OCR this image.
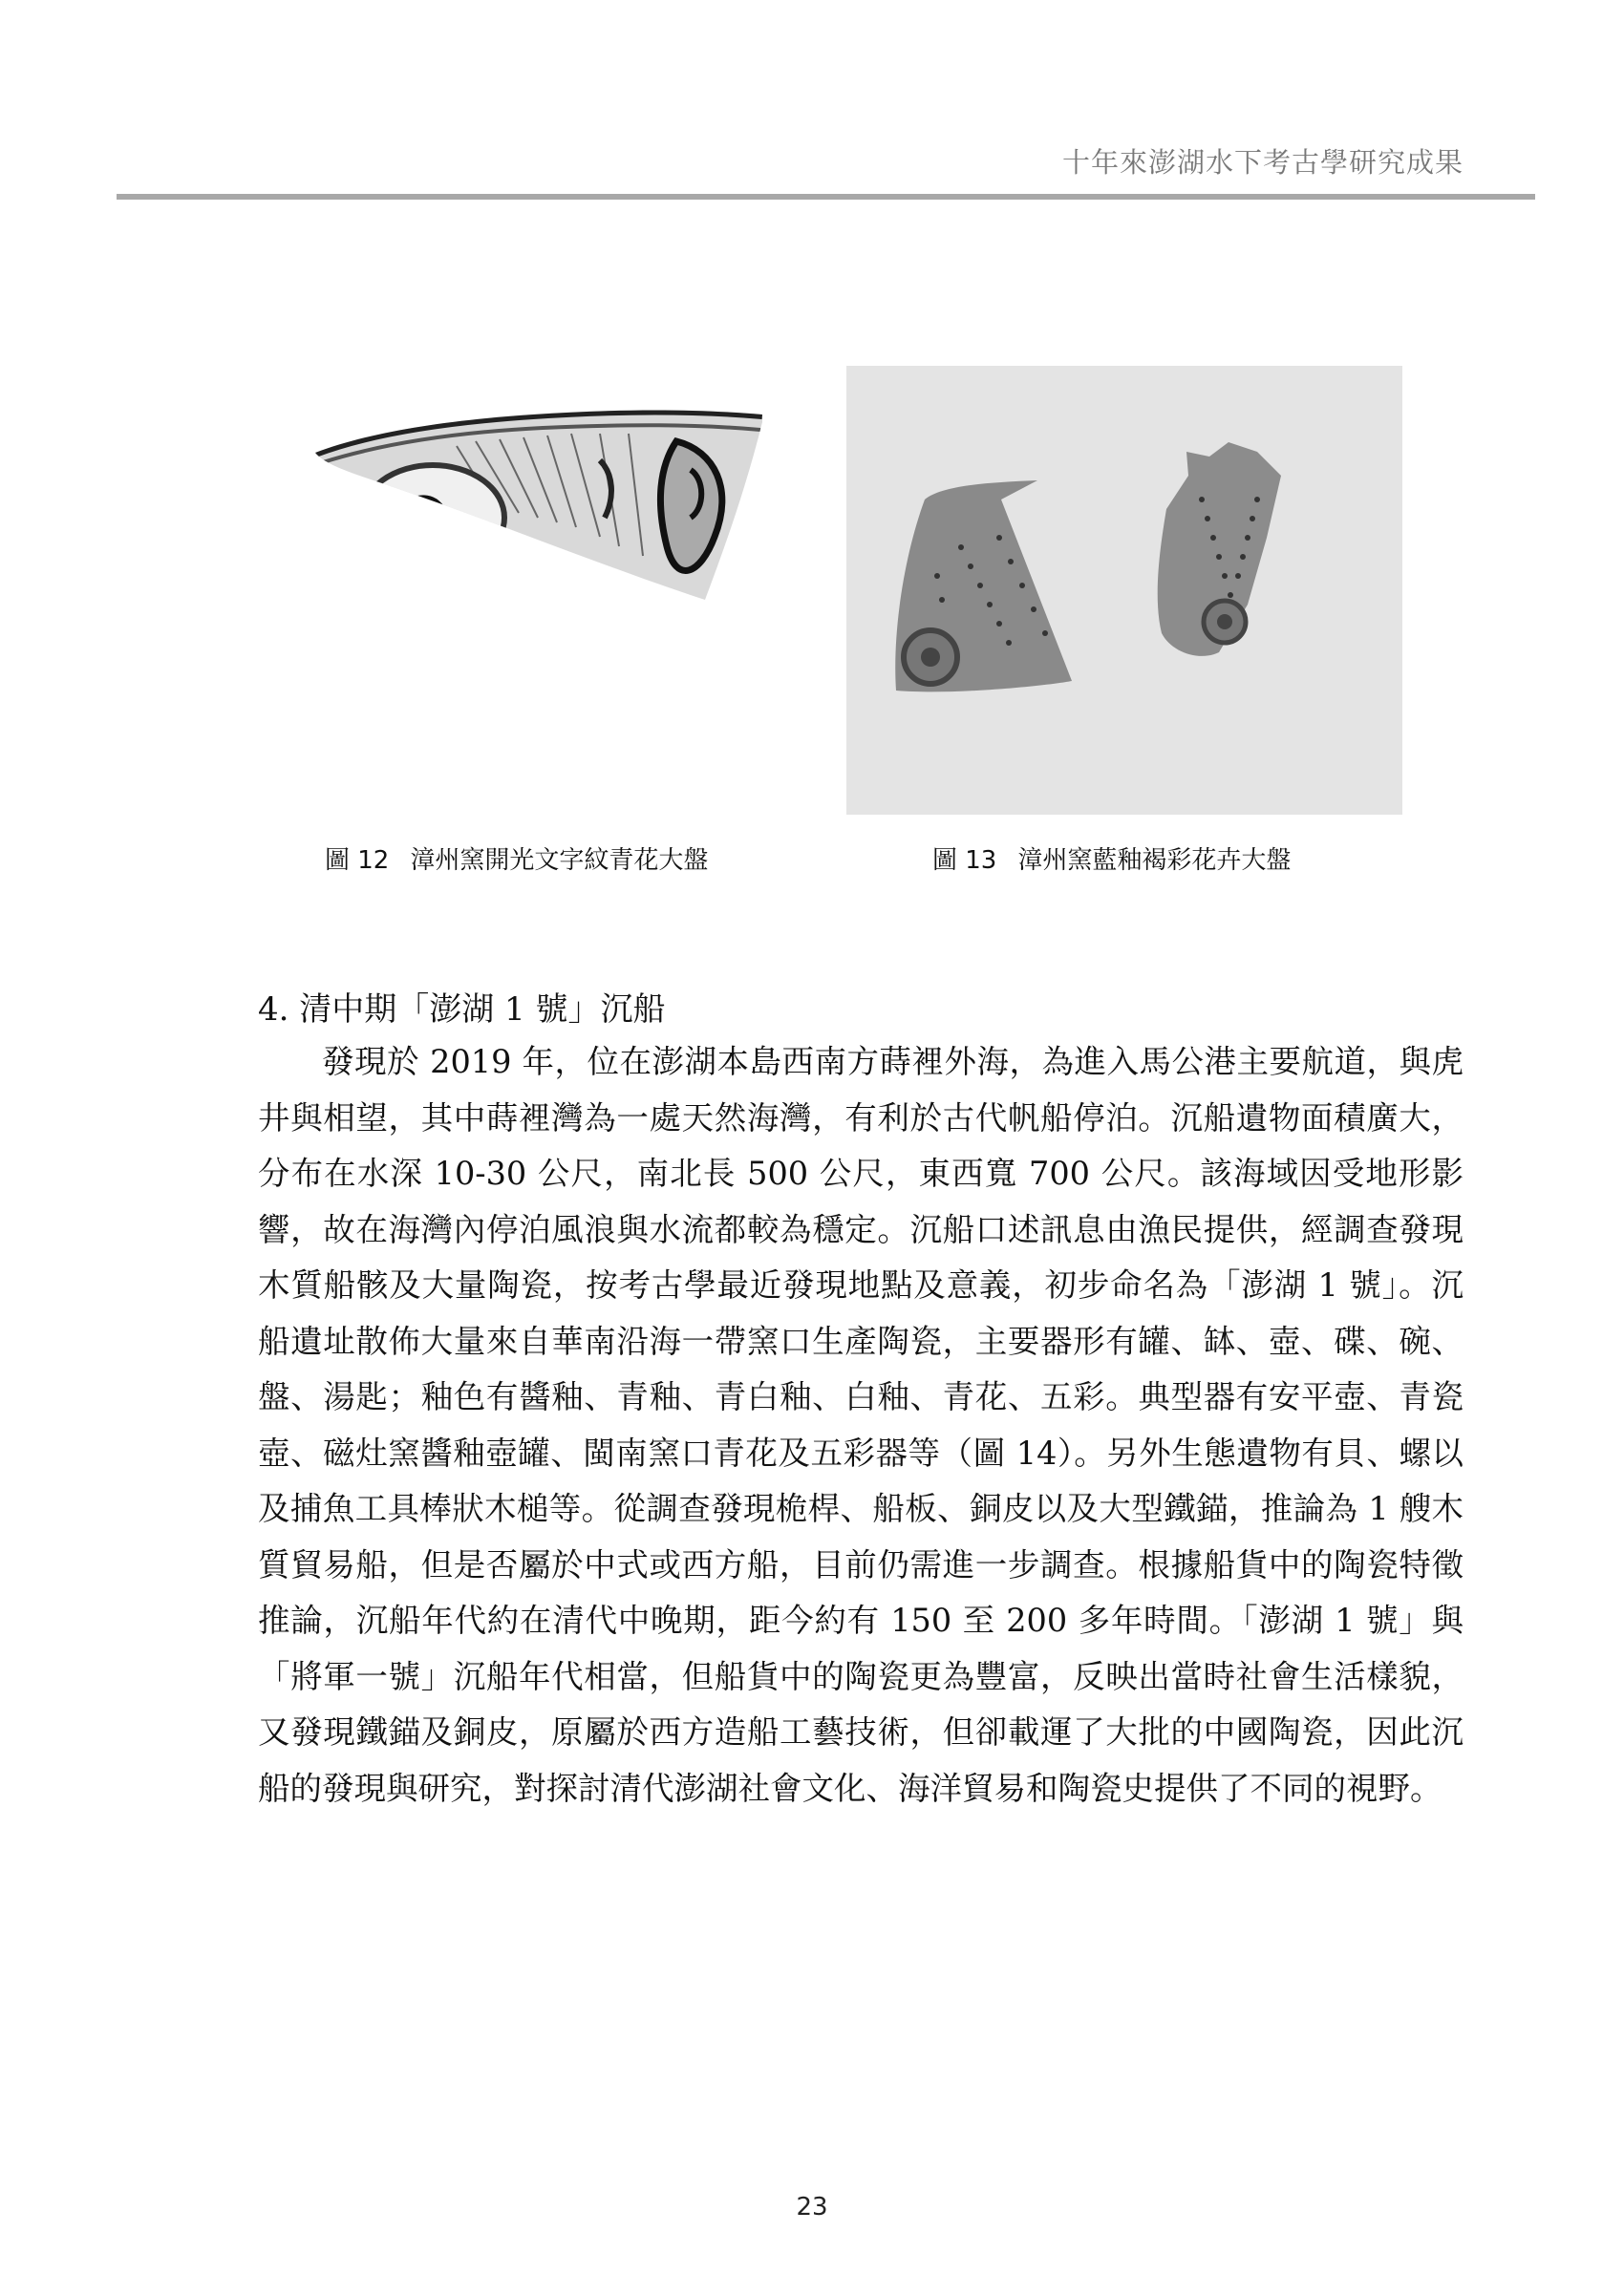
十年來澎湖水下考古學研究成果
圖 12 漳州窯開光文字紋青花大盤	圖 13 漳州窯藍釉褐彩花卉大盤
4. 清中期「澎湖 1 號」沉船

發現於 2019 年，位在澎湖本島西南方蒔裡外海，為進入馬公港主要航道，與虎井與相望，其中蒔裡灣為一處天然海灣，有利於古代帆船停泊。沉船遺物面積廣大，分布在水深 10-30 公尺，南北長 500 公尺，東西寬 700 公尺。該海域因受地形影響，故在海灣內停泊風浪與水流都較為穩定。沉船口述訊息由漁民提供，經調查發現木質船骸及大量陶瓷，按考古學最近發現地點及意義，初步命名為「澎湖 1 號」。沉船遺址散佈大量來自華南沿海一帶窯口生產陶瓷，主要器形有罐、缽、壺、碟、碗、盤、湯匙；釉色有醬釉、青釉、青白釉、白釉、青花、五彩。典型器有安平壺、青瓷壺、磁灶窯醬釉壺罐、閩南窯口青花及五彩器等（圖 14）。另外生態遺物有貝、螺以及捕魚工具棒狀木槌等。從調查發現桅桿、船板、銅皮以及大型鐵錨，推論為 1 艘木質貿易船，但是否屬於中式或西方船，目前仍需進一步調查。根據船貨中的陶瓷特徵推論，沉船年代約在清代中晚期，距今約有 150 至 200 多年時間。「澎湖 1 號」與「將軍一號」沉船年代相當，但船貨中的陶瓷更為豐富，反映出當時社會生活樣貌，又發現鐵錨及銅皮，原屬於西方造船工藝技術，但卻載運了大批的中國陶瓷，因此沉船的發現與研究，對探討清代澎湖社會文化、海洋貿易和陶瓷史提供了不同的視野。

23
